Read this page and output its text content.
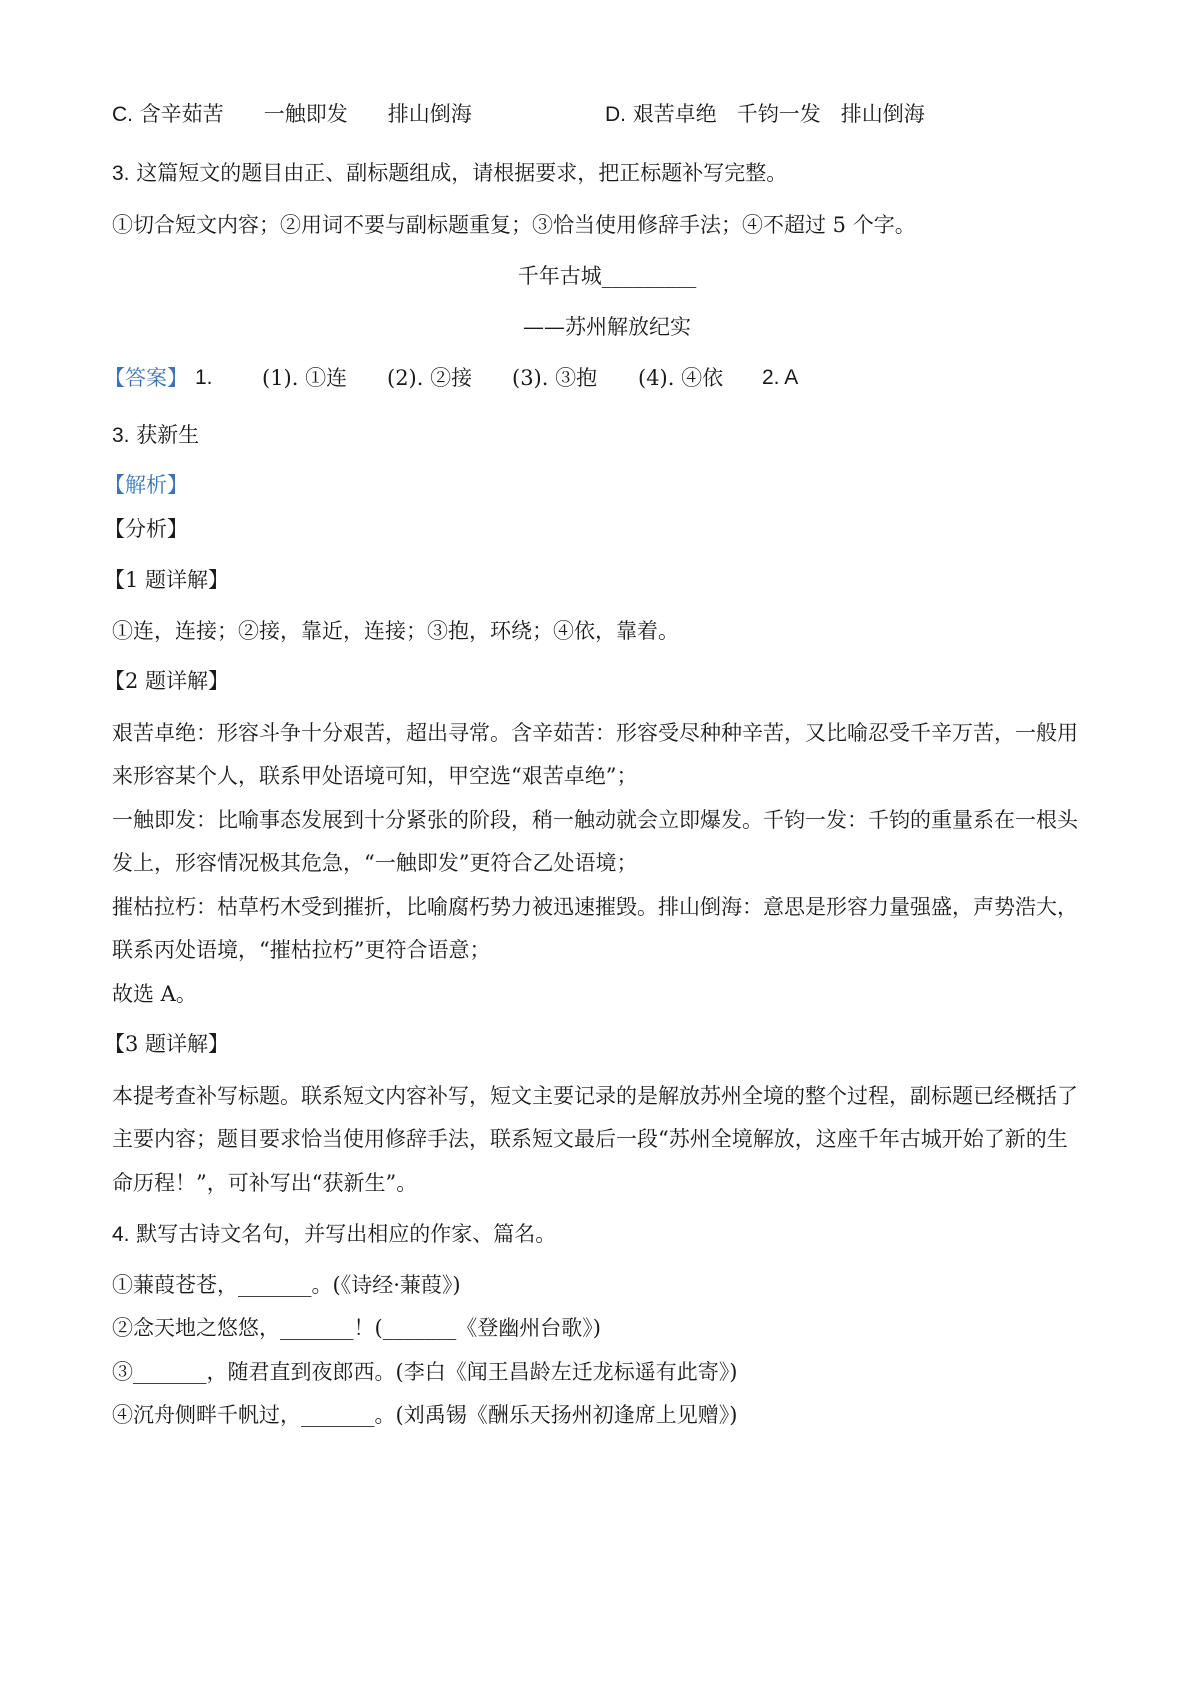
C. 含辛茹苦      一触即发      排山倒海	D. 艰苦卓绝   千钧一发   排山倒海
3. 这篇短文的题目由正、副标题组成，请根据要求，把正标题补写完整。
①切合短文内容；②用词不要与副标题重复；③恰当使用修辞手法；④不超过 5 个字。
千年古城_________
——苏州解放纪实
【答案】 1. (1). ①连 (2). ②接 (3). ③抱 (4). ④依 2. A
3. 获新生
【解析】
【分析】
【1 题详解】
①连，连接；②接，靠近，连接；③抱，环绕；④依，靠着。
【2 题详解】
艰苦卓绝：形容斗争十分艰苦，超出寻常。含辛茹苦：形容受尽种种辛苦，又比喻忍受千辛万苦，一般用
来形容某个人，联系甲处语境可知，甲空选“艰苦卓绝”；
一触即发：比喻事态发展到十分紧张的阶段，稍一触动就会立即爆发。千钧一发：千钧的重量系在一根头
发上，形容情况极其危急，“一触即发”更符合乙处语境；
摧枯拉朽：枯草朽木受到摧折，比喻腐朽势力被迅速摧毁。排山倒海：意思是形容力量强盛，声势浩大，
联系丙处语境，“摧枯拉朽”更符合语意；
故选 A。
【3 题详解】
本提考查补写标题。联系短文内容补写，短文主要记录的是解放苏州全境的整个过程，副标题已经概括了
主要内容；题目要求恰当使用修辞手法，联系短文最后一段“苏州全境解放，这座千年古城开始了新的生
命历程！”，可补写出“获新生”。
4. 默写古诗文名句，并写出相应的作家、篇名。
①蒹葭苍苍，_______。(《诗经·蒹葭》)
②念天地之悠悠，_______！(_______《登幽州台歌》)
③_______，随君直到夜郎西。(李白《闻王昌龄左迁龙标遥有此寄》)
④沉舟侧畔千帆过，_______。(刘禹锡《酬乐天扬州初逢席上见赠》)
